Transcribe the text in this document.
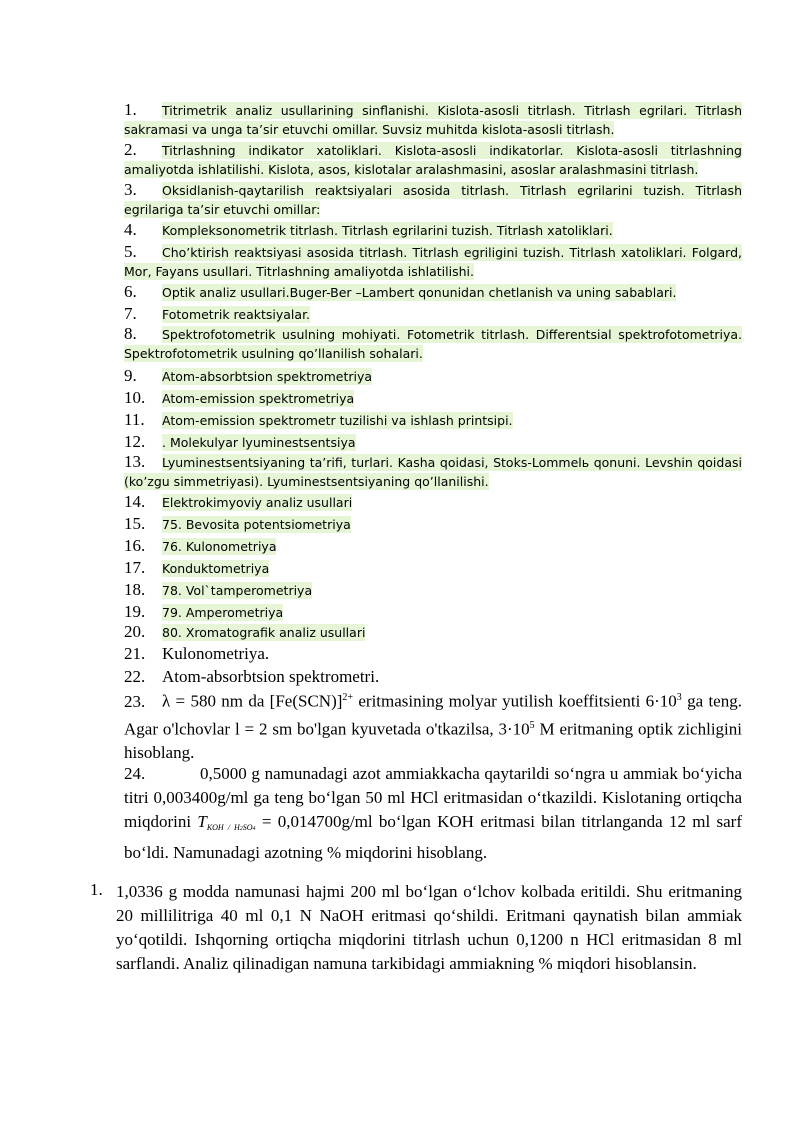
1. Titrimetrik analiz usullarining sinflanishi. Kislota-asosli titrlash. Titrlash egrilari. Titrlash sakramasi va unga ta’sir etuvchi omillar. Suvsiz muhitda kislota-asosli titrlash.
2. Titrlashning indikator xatoliklari. Kislota-asosli indikatorlar. Kislota-asosli titrlashning amaliyotda ishlatilishi. Kislota, asos, kislotalar aralashmasini, asoslar aralashmasini titrlash.
3. Oksidlanish-qaytarilish reaktsiyalari asosida titrlash. Titrlash egrilarini tuzish. Titrlash egrilariga ta’sir etuvchi omillar:
4. Kompleksonometrik titrlash. Titrlash egrilarini tuzish. Titrlash xatoliklari.
5. Cho’ktirish reaktsiyasi asosida titrlash. Titrlash egriligini tuzish. Titrlash xatoliklari. Folgard, Mor, Fayans usullari. Titrlashning amaliyotda ishlatilishi.
6. Optik analiz usullari.Buger-Ber –Lambert qonunidan chetlanish va uning sabablari.
7. Fotometrik reaktsiyalar.
8. Spektrofotometrik usulning mohiyati. Fotometrik titrlash. Differentsial spektrofotometriya. Spektrofotometrik usulning qo’llanilish sohalari.
9. Atom-absorbtsion spektrometriya
10. Atom-emission spektrometriya
11. Atom-emission spektrometr tuzilishi va ishlash printsipi.
12. . Molekulyar lyuminestsentsiya
13. Lyuminestsentsiyaning ta’rifi, turlari. Kasha qoidasi, Stoks-Lommelь qonuni. Levshin qoidasi (ko’zgu simmetriyasi). Lyuminestsentsiyaning qo’llanilishi.
14. Elektrokimyoviy analiz usullari
15. 75. Bevosita potentsiometriya
16. 76. Kulonometriya
17. Konduktometriya
18. 78. Vol`tamperometriya
19. 79. Amperometriya
20. 80. Xromatografik analiz usullari
21. Kulonometriya.
22. Atom-absorbtsion spektrometri.
23. λ = 580 nm da $[Fe(SCN)]^{2+}$ eritmasining molyar yutilish koeffitsienti $6\cdot 10^3$ ga teng. Agar o'lchovlar l = 2 sm bo'lgan kyuvetada o'tkazilsa, $3\cdot 10^5$ M eritmaning optik zichligini hisoblang.
24.	0,5000 g namunadagi azot ammiakkacha qaytarildi so‘ngra u ammiak bo‘yicha titri 0,003400g/ml ga teng bo‘lgan 50 ml HCl eritmasidan o‘tkazildi. Kislotaning ortiqcha miqdorini TKOH / H2SO4 = 0,014700g/ml bo‘lgan KOH eritmasi bilan titrlanganda 12 ml sarf bo‘ldi. Namunadagi azotning % miqdorini hisoblang.
1. 1,0336 g modda namunasi hajmi 200 ml bo‘lgan o‘lchov kolbada eritildi. Shu eritmaning 20 millilitriga 40 ml 0,1 N NaOH eritmasi qo‘shildi. Eritmani qaynatish bilan ammiak yo‘qotildi. Ishqorning ortiqcha miqdorini titrlash uchun 0,1200 n HCl eritmasidan 8 ml sarflandi. Analiz qilinadigan namuna tarkibidagi ammiakning % miqdori hisoblansin.
